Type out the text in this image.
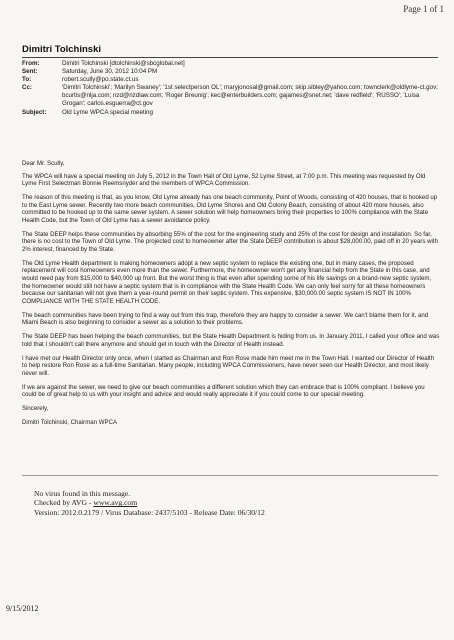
Page 1 of 1
Dimitri Tolchinski
From:	Dimitri Tolchinski [dtolchinski@sbcglobal.net]
Sent:	Saturday, June 30, 2012 10:04 PM
To:	robert.scully@po.state.ct.us
Cc:	'Dimitri Tolchinski'; 'Marilyn Swaney'; '1st selectperson OL'; maryjonosal@gmail.com; skip.sibley@yahoo.com; townclerk@oldlyme-ct.gov; bcurtis@nlja.com; nzd@nzdlaw.com; 'Roger Breunig'; kec@enterbuilders.com; gajames@snet.net; 'dave redfield'; 'RUSSO'; 'Luisa Grogan'; carlos.esguerra@ct.gov
Subject:	Old Lyme WPCA special meeting

Dear Mr. Scully,

The WPCA will have a special meeting on July 5, 2012 in the Town Hall of Old Lyme, 52 Lyme Street, at 7:00 p.m. This meeting was requested by Old Lyme First Selectman Bonnie Reemsnyder and the members of WPCA Commission.

The reason of this meeting is that, as you know, Old Lyme already has one beach community, Point of Woods, consisting of 420 houses, that is hooked up to the East Lyme sewer. Recently two more beach communities, Old Lyme Shores and Old Colony Beach, consisting of about 420 more houses, also committed to be hooked up to the same sewer system. A sewer solution will help homeowners bring their properties to 100% compliance with the State Health Code, but the Town of Old Lyme has a sewer avoidance policy.

The State DEEP helps these communities by absorbing 55% of the cost for the engineering study and 25% of the cost for design and installation. So far, there is no cost to the Town of Old Lyme. The projected cost to homeowner after the State DEEP contribution is about $28,000.00, paid off in 20 years with 2% interest, financed by the State.

The Old Lyme Health department is making homeowners adopt a new septic system to replace the existing one, but in many cases, the proposed replacement will cost homeowners even more than the sewer. Furthermore, the homeowner won't get any financial help from the State in this case, and would need pay from $15,000 to $40,000 up front. But the worst thing is that even after spending some of his life savings on a brand-new septic system, the homeowner would still not have a septic system that is in compliance with the State Health Code. We can only feel sorry for all these homeowners because our sanitarian will not give them a year-round permit on their septic system. This expensive, $30,000.00 septic system IS NOT IN 100% COMPLIANCE WITH THE STATE HEALTH CODE.

The beach communities have been trying to find a way out from this trap, therefore they are happy to consider a sewer. We can't blame them for it, and Miami Beach is also beginning to consider a sewer as a solution to their problems.

The State DEEP has been helping the beach communities, but the State Health Department is hiding from us. In January 2011, I called your office and was told that I shouldn't call there anymore and should get in touch with the Director of Health instead.

I have met our Health Director only once, when I started as Chairman and Ron Rose made him meet me in the Town Hall. I wanted our Director of Health to help restore Ron Rose as a full-time Sanitarian. Many people, including WPCA Commissioners, have never seen our Health Director, and most likely never will.

If we are against the sewer, we need to give our beach communities a different solution which they can embrace that is 100% compliant. I believe you could be of great help to us with your insight and advice and would really appreciate it if you could come to our special meeting.

Sincerely,

Dimitri Tolchinski, Chairman WPCA

No virus found in this message.
Checked by AVG - www.avg.com
Version: 2012.0.2179 / Virus Database: 2437/5103 - Release Date: 06/30/12
9/15/2012
